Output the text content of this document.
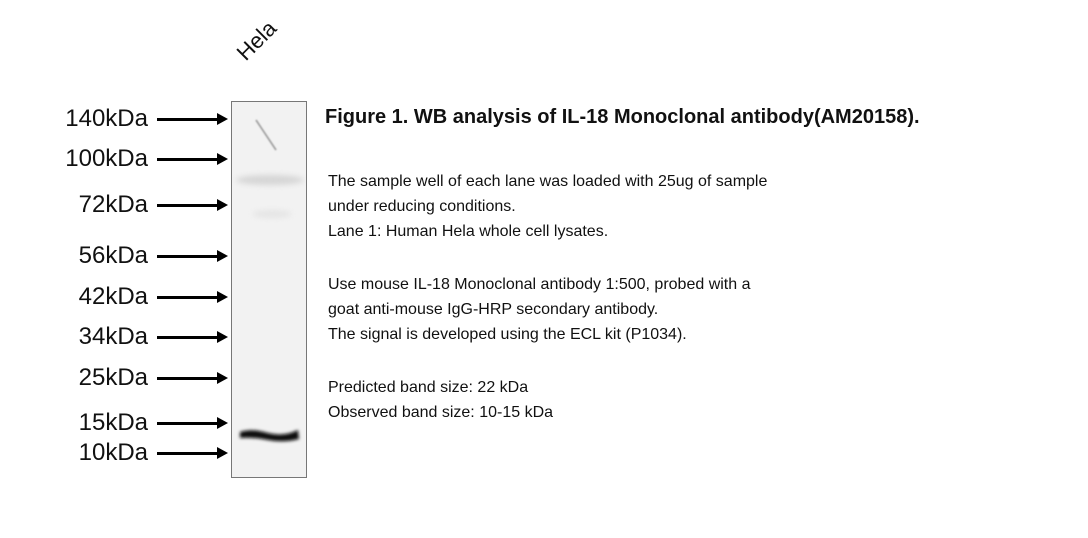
Hela
140kDa
100kDa
72kDa
56kDa
42kDa
34kDa
25kDa
15kDa
10kDa
Figure 1. WB analysis of IL-18 Monoclonal antibody(AM20158).

The sample well of each lane was loaded with 25ug of sample

under reducing conditions.

Lane 1: Human Hela whole cell lysates.

Use mouse IL-18 Monoclonal antibody 1:500, probed with a

goat anti-mouse IgG-HRP secondary antibody.

The signal is developed using the ECL kit (P1034).

Predicted band size: 22 kDa

Observed band size: 10-15 kDa
